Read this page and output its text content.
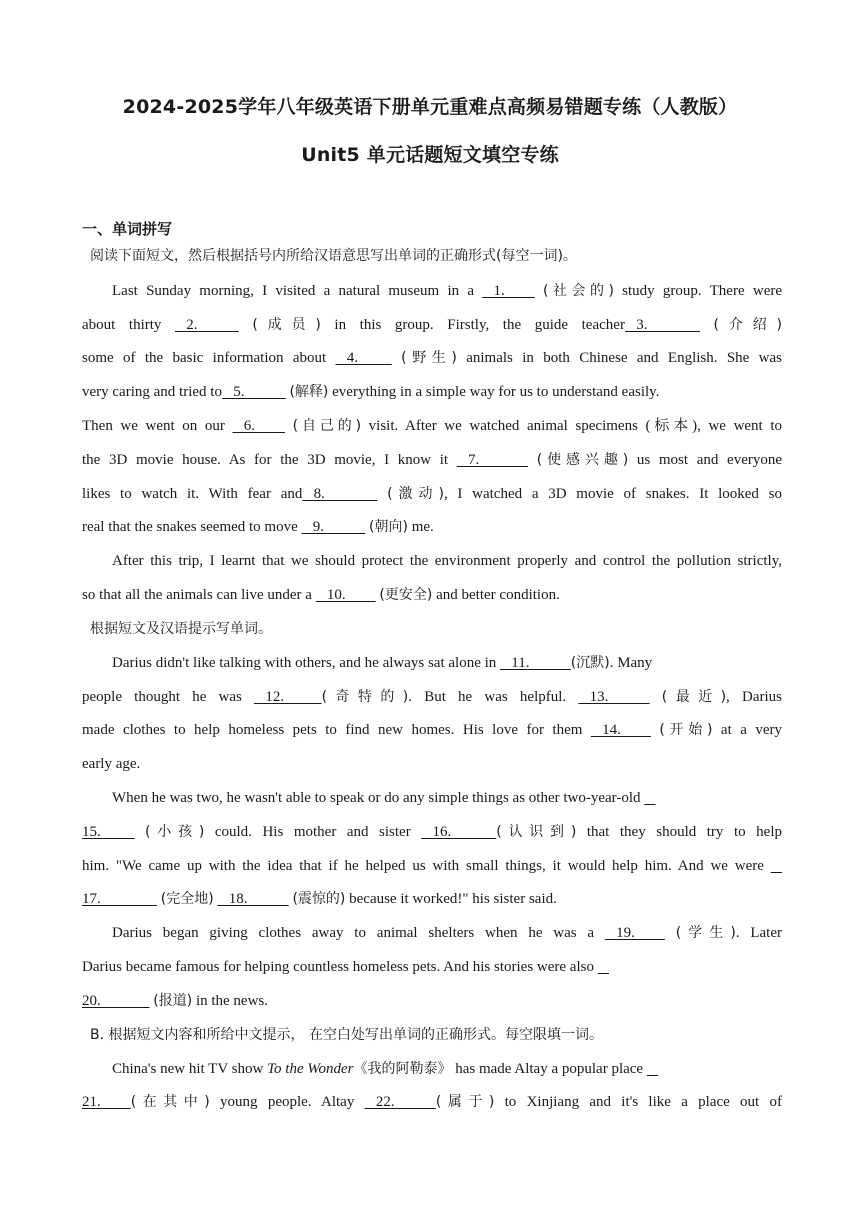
2024-2025学年八年级英语下册单元重难点高频易错题专练（人教版）
Unit5 单元话题短文填空专练
一、单词拼写
阅读下面短文，然后根据括号内所给汉语意思写出单词的正确形式(每空一词)。
Last Sunday morning, I visited a natural museum in a    1.         (社会的) study group. There were
about thirty    2.            (成员) in this group. Firstly, the guide teacher   3.               (介绍)
some of the basic information about    4.          (野生) animals in both Chinese and English. She was
very caring and tried to   5.            (解释) everything in a simple way for us to understand easily.
Then we went on our    6.         (自己的) visit. After we watched animal specimens (标本), we went to
the 3D movie house. As for the 3D movie, I know it    7.              (使感兴趣) us most and everyone
likes to watch it. With fear and   8.               (激动), I watched a 3D movie of snakes. It looked so
real that the snakes seemed to move    9.            (朝向) me.
After this trip, I learnt that we should protect the environment properly and control the pollution strictly,
so that all the animals can live under a    10.         (更安全) and better condition.
根据短文及汉语提示写单词。
Darius didn't like talking with others, and he always sat alone in    11.           (沉默). Many
people thought he was    12.          (奇特的). But he was helpful.    13.            (最近), Darius
made clothes to help homeless pets to find new homes. His love for them    14.         (开始) at a very
early age.
When he was two, he wasn't able to speak or do any simple things as other two-year-old
15.          (小孩) could. His mother and sister    16.            (认识到) that they should try to help
him. "We came up with the idea that if he helped us with small things, it would help him. And we were
17.                (完全地)    18.            (震惊的) because it worked!" his sister said.
Darius began giving clothes away to animal shelters when he was a    19.         (学生). Later
Darius became famous for helping countless homeless pets. And his stories were also
20.              (报道) in the news.
B. 根据短文内容和所给中文提示， 在空白处写出单词的正确形式。每空限填一词。
China's new hit TV show To the Wonder《我的阿勒泰》 has made Altay a popular place
21.        (在其中) young people. Altay    22.           (属于) to Xinjiang and it's like a place out of
